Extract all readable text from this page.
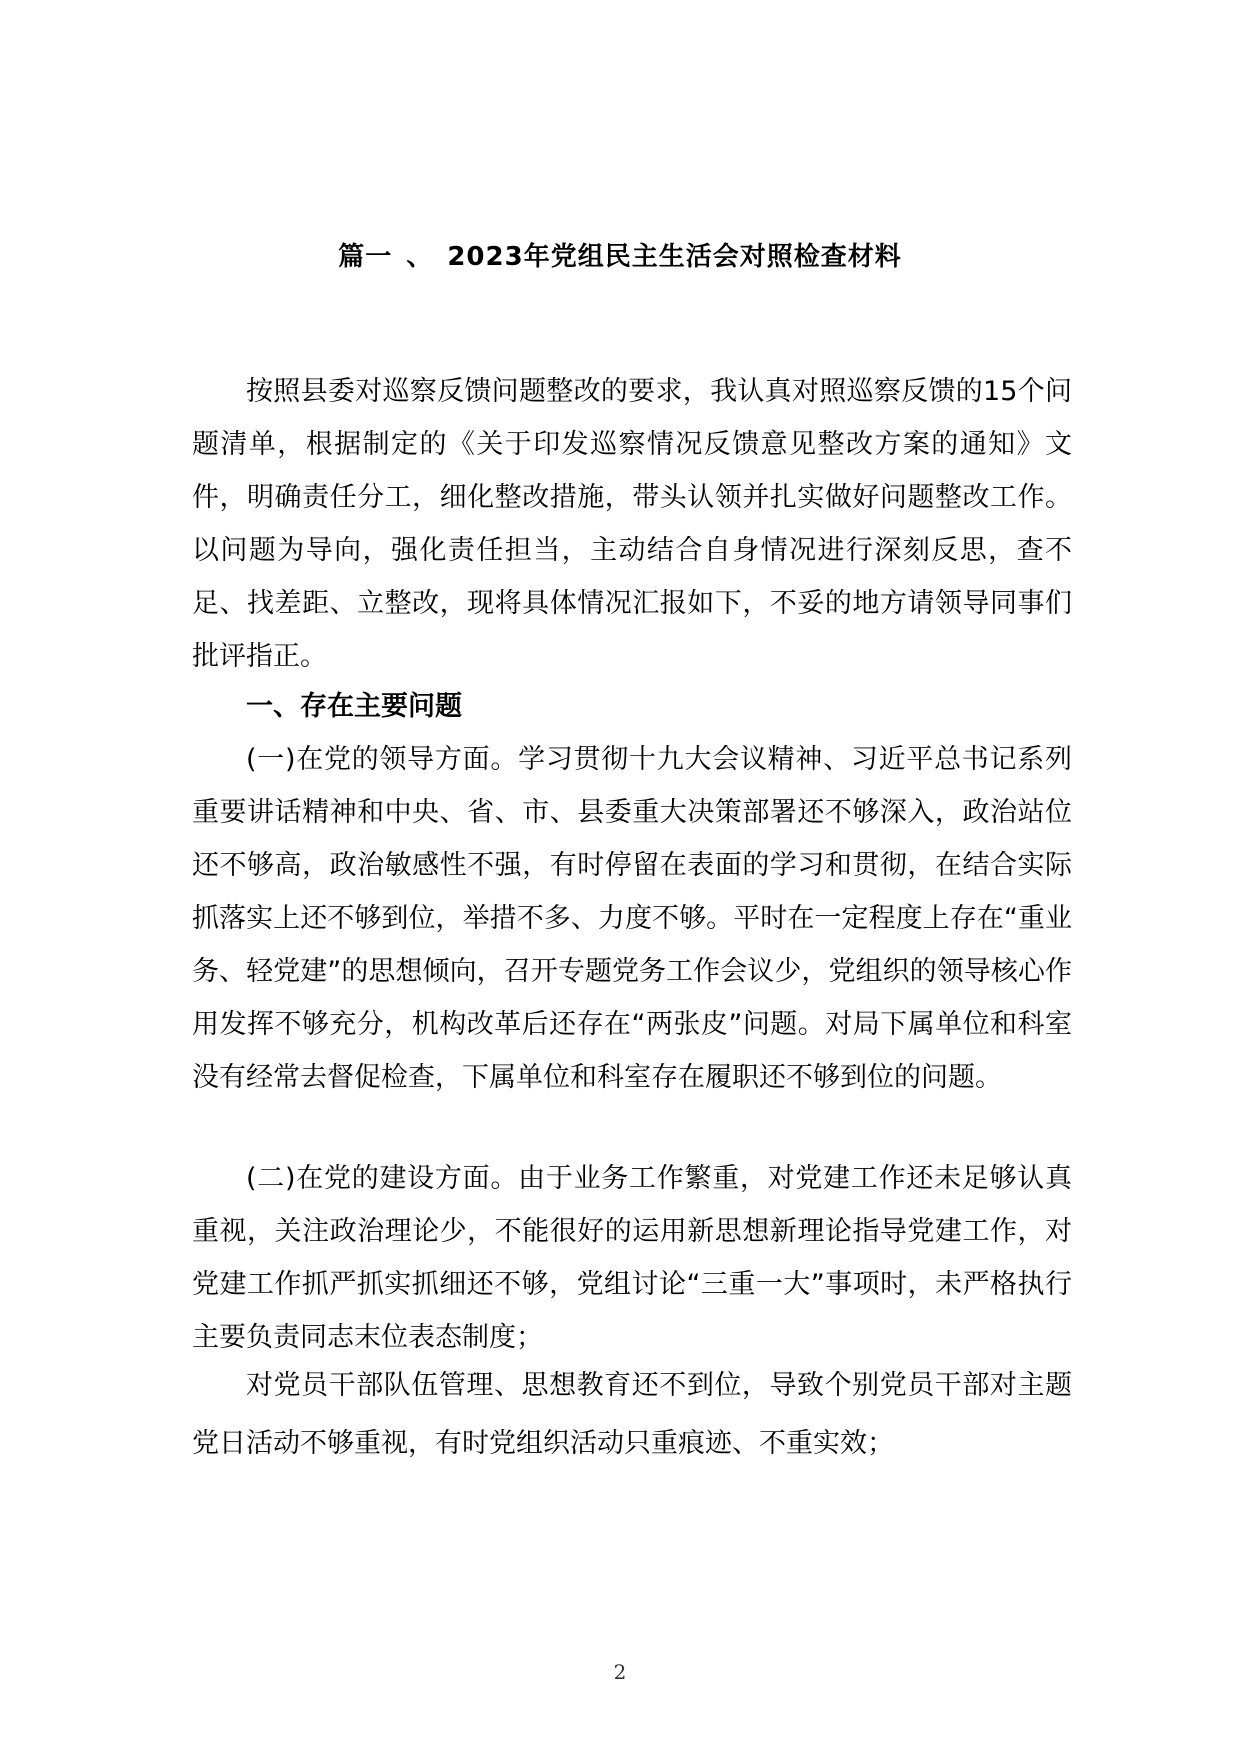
篇一 、 2023年党组民主生活会对照检查材料

按照县委对巡察反馈问题整改的要求，我认真对照巡察反馈的15个问题清单，根据制定的《关于印发巡察情况反馈意见整改方案的通知》文件，明确责任分工，细化整改措施，带头认领并扎实做好问题整改工作。以问题为导向，强化责任担当，主动结合自身情况进行深刻反思，查不足、找差距、立整改，现将具体情况汇报如下，不妥的地方请领导同事们批评指正。

一、存在主要问题

(一)在党的领导方面。学习贯彻十九大会议精神、习近平总书记系列重要讲话精神和中央、省、市、县委重大决策部署还不够深入，政治站位还不够高，政治敏感性不强，有时停留在表面的学习和贯彻，在结合实际抓落实上还不够到位，举措不多、力度不够。平时在一定程度上存在“重业务、轻党建”的思想倾向，召开专题党务工作会议少，党组织的领导核心作用发挥不够充分，机构改革后还存在“两张皮”问题。对局下属单位和科室没有经常去督促检查，下属单位和科室存在履职还不够到位的问题。

(二)在党的建设方面。由于业务工作繁重，对党建工作还未足够认真重视，关注政治理论少，不能很好的运用新思想新理论指导党建工作，对党建工作抓严抓实抓细还不够，党组讨论“三重一大”事项时，未严格执行主要负责同志末位表态制度；

对党员干部队伍管理、思想教育还不到位，导致个别党员干部对主题党日活动不够重视，有时党组织活动只重痕迹、不重实效；

2
